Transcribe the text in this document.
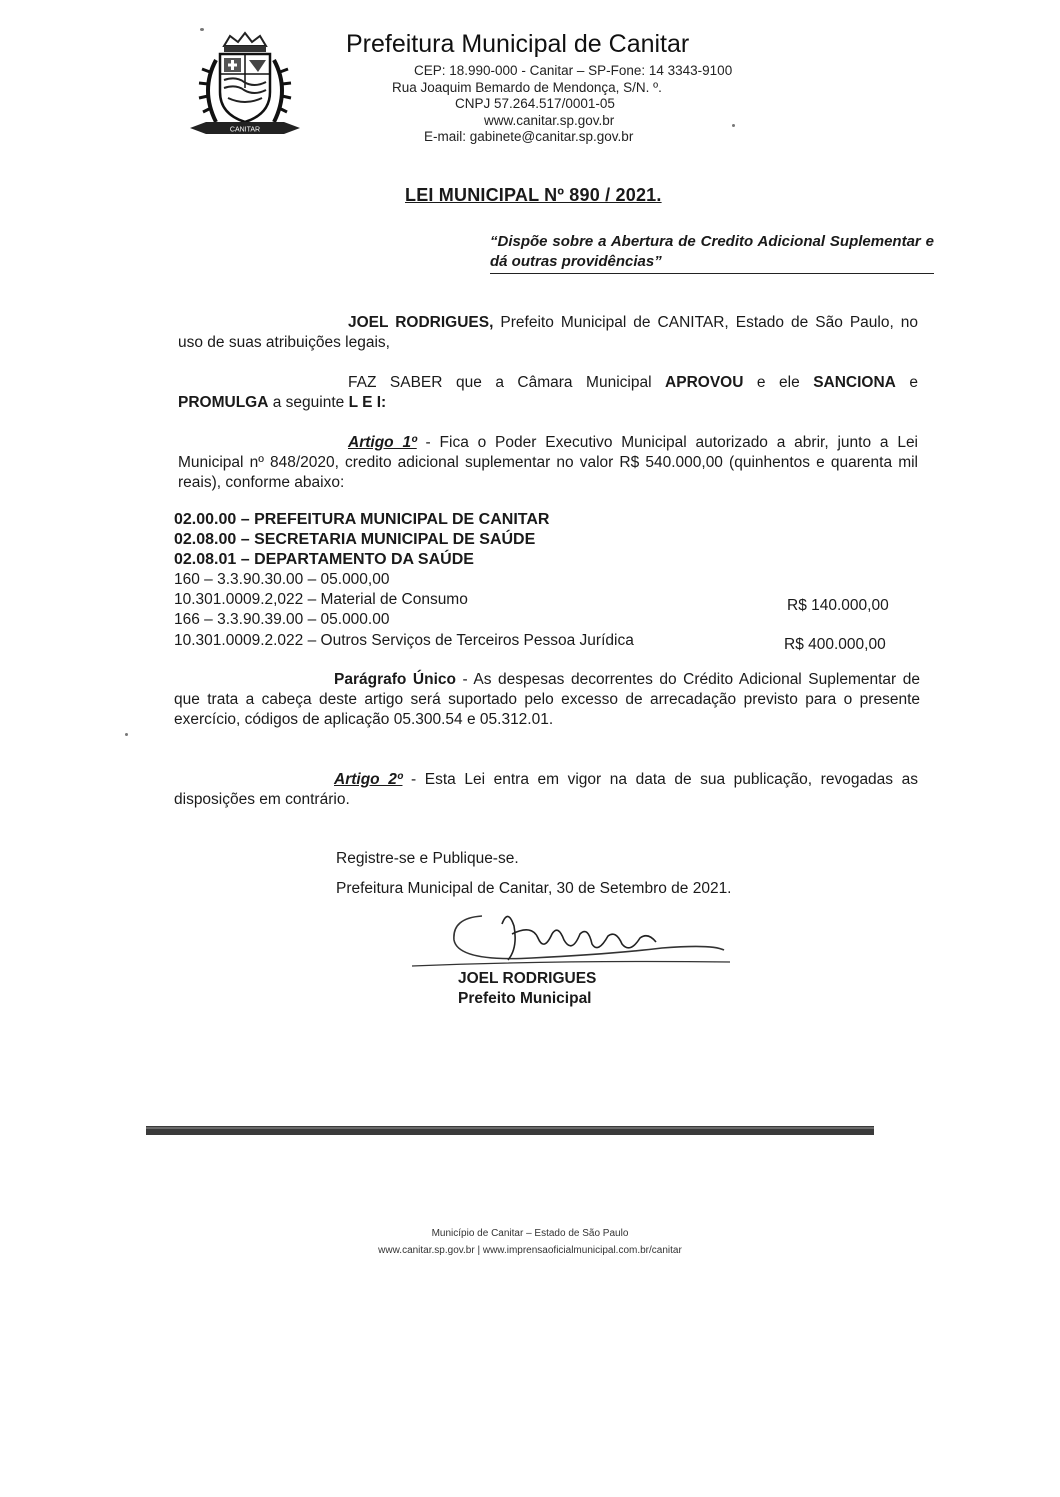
CANITAR
Prefeitura Municipal de Canitar
CEP: 18.990-000 - Canitar – SP-Fone: 14 3343-9100
Rua Joaquim Bemardo de Mendonça, S/N. º.
CNPJ 57.264.517/0001-05
www.canitar.sp.gov.br
E-mail: gabinete@canitar.sp.gov.br
LEI MUNICIPAL Nº 890 / 2021.
“Dispõe sobre a Abertura de Credito Adicional Suplementar e dá outras providências”

JOEL RODRIGUES, Prefeito Municipal de CANITAR, Estado de São Paulo, no uso de suas atribuições legais,

FAZ SABER que a Câmara Municipal APROVOU e ele SANCIONA e PROMULGA a seguinte L E I:

Artigo 1º - Fica o Poder Executivo Municipal autorizado a abrir, junto a Lei Municipal nº 848/2020, credito adicional suplementar no valor R$ 540.000,00 (quinhentos e quarenta mil reais), conforme abaixo:

02.00.00 – PREFEITURA MUNICIPAL DE CANITAR
02.08.00 – SECRETARIA MUNICIPAL DE SAÚDE
02.08.01 – DEPARTAMENTO DA SAÚDE
160 – 3.3.90.30.00 – 05.000,00
10.301.0009.2,022 – Material de Consumo	R$ 140.000,00
166 – 3.3.90.39.00 – 05.000.00
10.301.0009.2.022 – Outros Serviços de Terceiros Pessoa Jurídica	R$ 400.000,00

Parágrafo Único - As despesas decorrentes do Crédito Adicional Suplementar de que trata a cabeça deste artigo será suportado pelo excesso de arrecadação previsto para o presente exercício, códigos de aplicação 05.300.54 e 05.312.01.

Artigo 2º - Esta Lei entra em vigor na data de sua publicação, revogadas as disposições em contrário.

Registre-se e Publique-se.
Prefeitura Municipal de Canitar, 30 de Setembro de 2021.
JOEL RODRIGUES
Prefeito Municipal
Município de Canitar – Estado de São Paulo
www.canitar.sp.gov.br | www.imprensaoficialmunicipal.com.br/canitar
